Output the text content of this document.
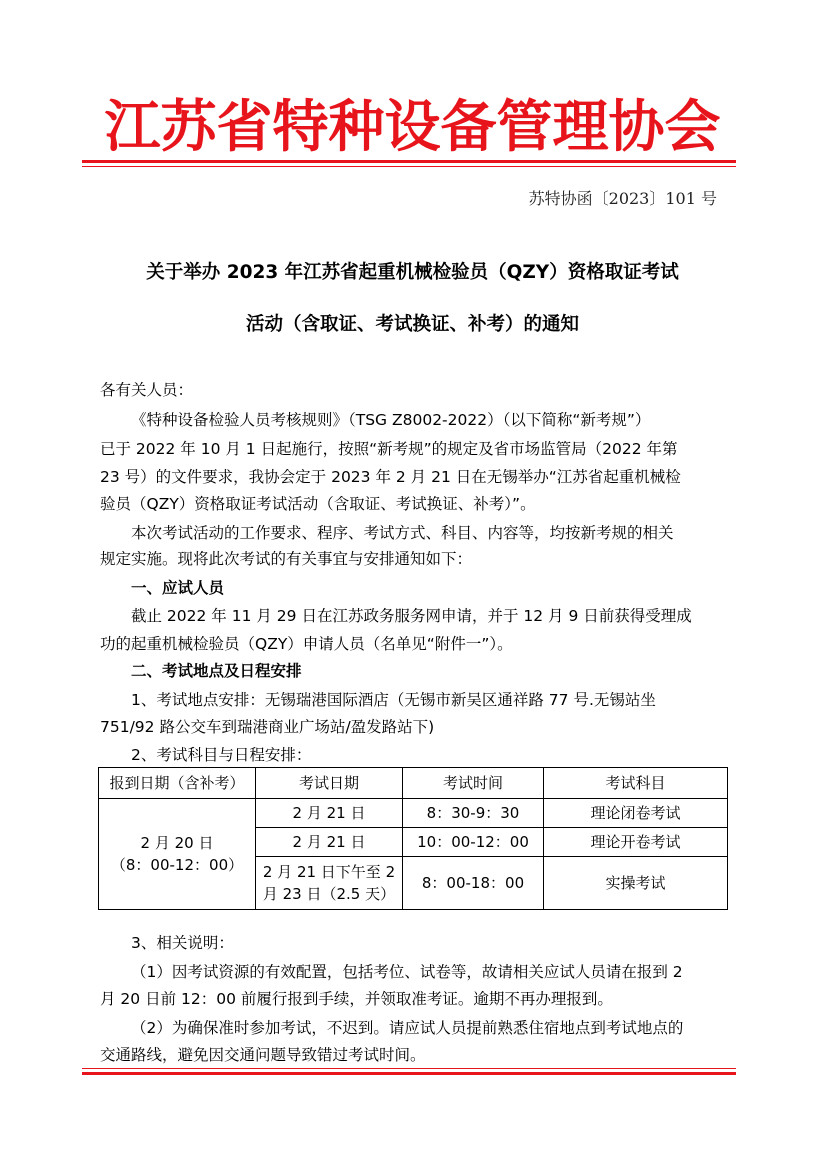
江苏省特种设备管理协会
苏特协函〔2023〕101 号
关于举办 2023 年江苏省起重机械检验员（QZY）资格取证考试
活动（含取证、考试换证、补考）的通知
各有关人员：
《特种设备检验人员考核规则》（TSG Z8002-2022）（以下简称“新考规”）
已于 2022 年 10 月 1 日起施行，按照“新考规”的规定及省市场监管局（2022 年第
23 号）的文件要求，我协会定于 2023 年 2 月 21 日在无锡举办“江苏省起重机械检
验员（QZY）资格取证考试活动（含取证、考试换证、补考）”。
本次考试活动的工作要求、程序、考试方式、科目、内容等，均按新考规的相关
规定实施。现将此次考试的有关事宜与安排通知如下：
一、应试人员
截止 2022 年 11 月 29 日在江苏政务服务网申请，并于 12 月 9 日前获得受理成
功的起重机械检验员（QZY）申请人员（名单见“附件一”）。
二、考试地点及日程安排
1、考试地点安排：无锡瑞港国际酒店（无锡市新吴区通祥路 77 号.无锡站坐
751/92 路公交车到瑞港商业广场站/盈发路站下)
2、考试科目与日程安排：
报到日期（含补考）	考试日期	考试时间	考试科目

2 月 20 日
（8：00-12：00）	2 月 21 日	8：30-9：30	理论闭卷考试
	2 月 21 日	10：00-12：00	理论开卷考试

	2 月 21 日下午至 2
月 23 日（2.5 天）	8：00-18：00	实操考试
3、相关说明：
（1）因考试资源的有效配置，包括考位、试卷等，故请相关应试人员请在报到 2
月 20 日前 12：00 前履行报到手续，并领取准考证。逾期不再办理报到。
（2）为确保准时参加考试，不迟到。请应试人员提前熟悉住宿地点到考试地点的
交通路线，避免因交通问题导致错过考试时间。
